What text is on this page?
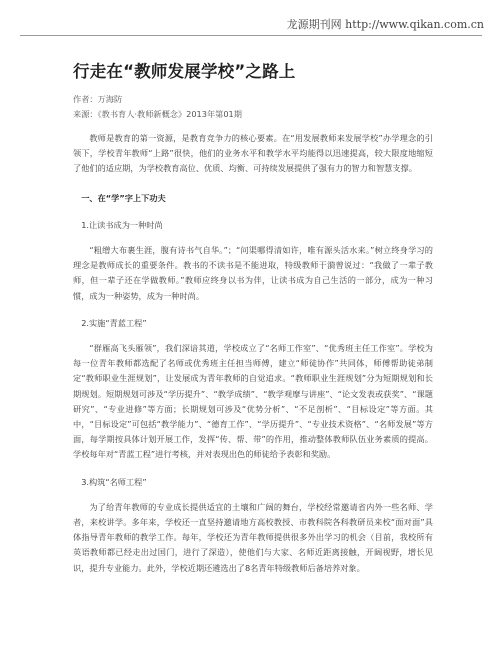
龙源期刊网 http://www.qikan.com.cn
行走在“教师发展学校”之路上
作者：万海防
来源：《教书育人·教师新概念》2013年第01期

教师是教育的第一资源，是教育竞争力的核心要素。在“用发展教师来发展学校”办学理念的引领下，学校青年教师“上路”很快，他们的业务水平和教学水平均能得以迅速提高，较大限度地缩短了他们的适应期，为学校教育高位、优质、均衡、可持续发展提供了强有力的智力和智慧支撑。

一、在“学”字上下功夫

1.让读书成为一种时尚

“粗缯大布裹生涯，腹有诗书气自华。”；“问渠哪得清如许，唯有源头活水来。”树立终身学习的理念是教师成长的重要条件。教书的不读书是不能进取，特级教师于漪曾说过：“我做了一辈子教师，但一辈子还在学做教师。”教师应终身以书为伴，让读书成为自己生活的一部分，成为一种习惯，成为一种姿势，成为一种时尚。

2.实施“青蓝工程”

“群雁高飞头雁领”，我们深谙其道，学校成立了“名师工作室”、“优秀班主任工作室”。学校为每一位青年教师都选配了名师或优秀班主任担当师傅，建立“师徒协作”共同体，师傅帮助徒弟制定“教师职业生涯规划”，让发展成为青年教师的自觉追求。“教师职业生涯规划”分为短期规划和长期规划。短期规划可涉及“学历提升”、“教学成绩”、“教学观摩与讲座”、“论文发表或获奖”、“课题研究”、“专业进修”等方面；长期规划可涉及“优势分析”、“不足剖析”、“目标设定”等方面。其中，“目标设定”可包括“教学能力”、“德育工作”、“学历提升”、“专业技术资格”、“名师发展”等方面，每学期按具体计划开展工作，发挥“传、帮、带”的作用，推动整体教师队伍业务素质的提高。学校每年对“青蓝工程”进行考核，并对表现出色的师徒给予表彰和奖励。

3.构筑“名师工程”

为了给青年教师的专业成长提供适宜的土壤和广阔的舞台，学校经常邀请省内外一些名师、学者，来校讲学。多年来，学校还一直坚持邀请地方高校教授、市教科院各科教研员来校“面对面”具体指导青年教师的教学工作。每年，学校还为青年教师提供很多外出学习的机会（目前，我校所有英语教师都已经走出过国门，进行了深造），使他们与大家、名师近距离接触，开阔视野，增长见识，提升专业能力。此外，学校近期还遴选出了8名青年特级教师后备培养对象。
